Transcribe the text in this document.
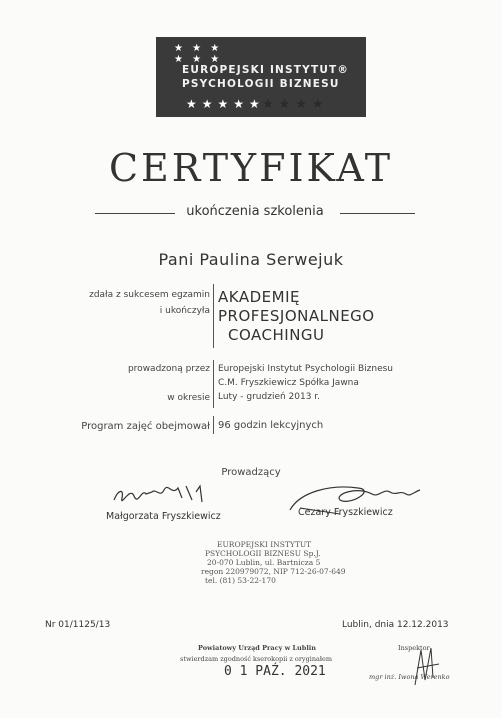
★ ★ ★
★ ★ ★
EUROPEJSKI INSTYTUT®
PSYCHOLOGII BIZNESU
★★★★★
★★★★
CERTYFIKAT
ukończenia szkolenia
Pani Paulina Serwejuk
zdała z sukcesem egzamin
i ukończyła
AKADEMIĘ
PROFESJONALNEGO
COACHINGU
prowadzoną przez Europejski Instytut Psychologii Biznesu
C.M. Fryszkiewicz Spółka Jawna
Luty - grudzień 2013 r.
w okresie
Program zajęć obejmował 96 godzin lekcyjnych
Prowadzący
Małgorzata Fryszkiewicz	Cezary Fryszkiewicz
EUROPEJSKI INSTYTUT
PSYCHOLOGII BIZNESU Sp.J.
20-070 Lublin, ul. Bartnicza 5
regon 220979072, NIP 712-26-07-649
tel. (81) 53-22-170
Nr 01/1125/13	Lublin, dnia 12.12.2013
Powiatowy Urząd Pracy w Lublin
stwierdzam zgodność kserokopii z oryginałem
0 1 PAŹ. 2021
Inspektor
mgr inż. Iwona Werenko
